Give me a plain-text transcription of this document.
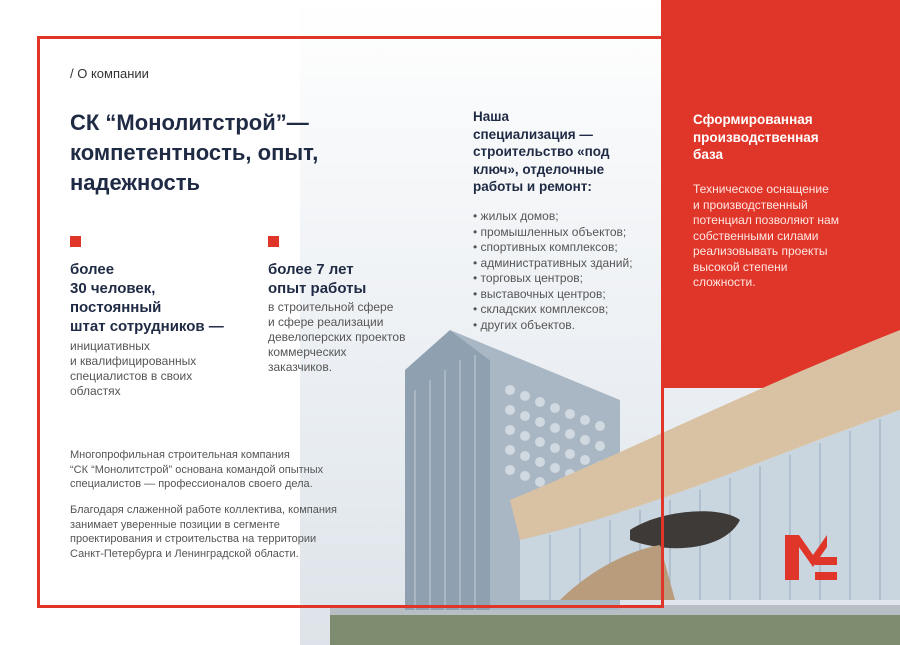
/ О компании
СК “Монолитстрой”— компетентность, опыт, надежность
более
30 человек,
постоянный
штат сотрудников —
инициативных
и квалифицированных
специалистов в своих
областях
более 7 лет
опыт работы
в строительной сфере
и сфере реализации
девелоперских проектов
коммерческих
заказчиков.
Многопрофильная строительная компания
“СК “Монолитстрой” основана командой опытных
специалистов — профессионалов своего дела.
Благодаря слаженной работе коллектива, компания
занимает уверенные позиции в сегменте
проектирования и строительства на территории
Санкт-Петербурга и Ленинградской области.
Наша
специализация —
строительство «под
ключ», отделочные
работы и ремонт:
• жилых домов;
• промышленных объектов;
• спортивных комплексов;
• административных зданий;
• торговых центров;
• выставочных центров;
• складских комплексов;
• других объектов.
Сформированная
производственная
база
Техническое оснащение
и производственный
потенциал позволяют нам
собственными силами
реализовывать проекты
высокой степени
сложности.
